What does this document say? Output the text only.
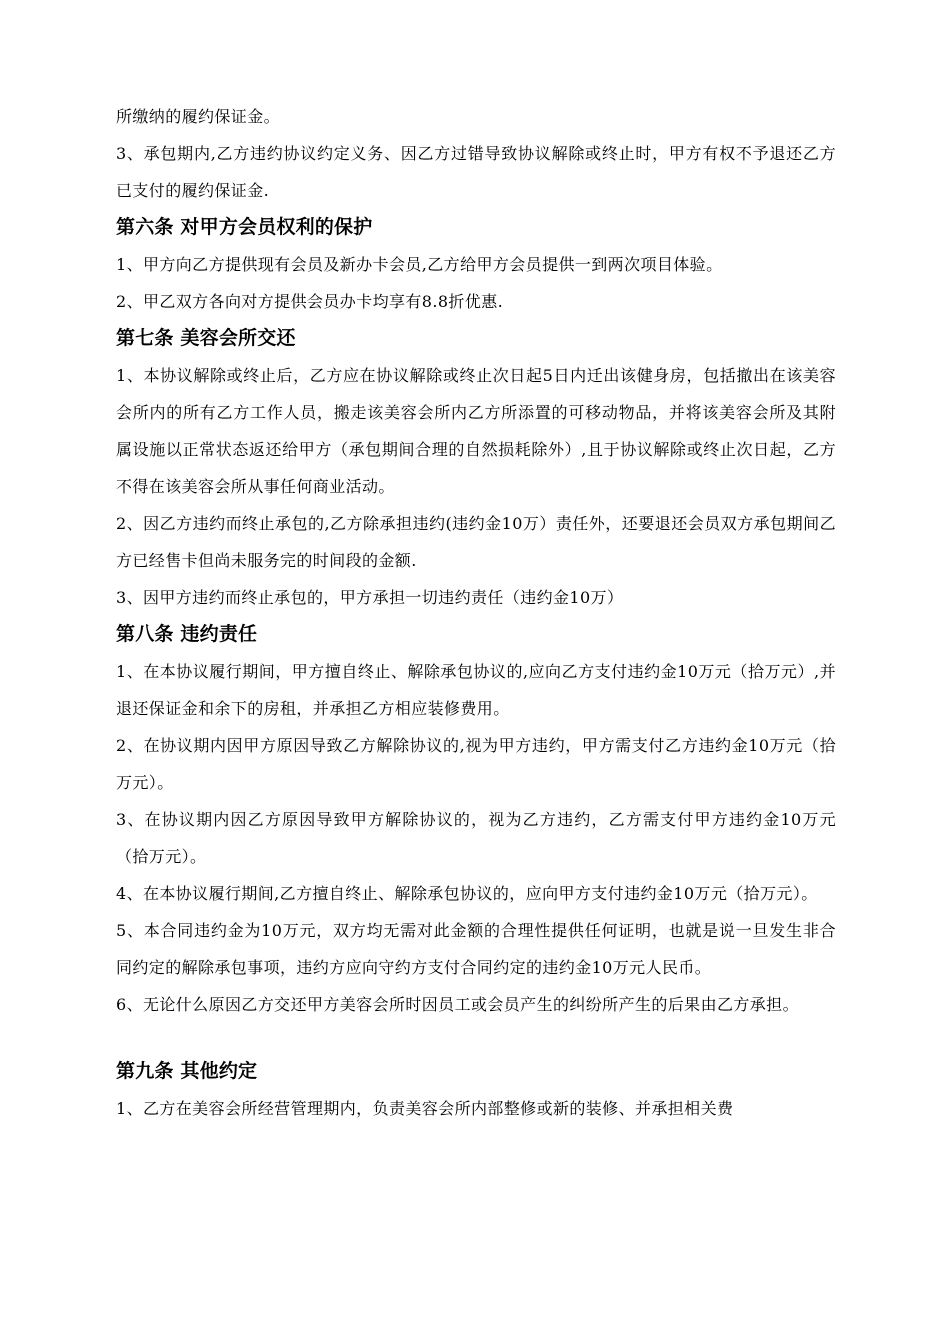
所缴纳的履约保证金。

3、承包期内,乙方违约协议约定义务、因乙方过错导致协议解除或终止时，甲方有权不予退还乙方已支付的履约保证金.

第六条 对甲方会员权利的保护

1、甲方向乙方提供现有会员及新办卡会员,乙方给甲方会员提供一到两次项目体验。

2、甲乙双方各向对方提供会员办卡均享有8.8折优惠.

第七条 美容会所交还

1、本协议解除或终止后，乙方应在协议解除或终止次日起5日内迁出该健身房，包括撤出在该美容会所内的所有乙方工作人员，搬走该美容会所内乙方所添置的可移动物品，并将该美容会所及其附属设施以正常状态返还给甲方（承包期间合理的自然损耗除外）,且于协议解除或终止次日起，乙方不得在该美容会所从事任何商业活动。

2、因乙方违约而终止承包的,乙方除承担违约(违约金10万）责任外，还要退还会员双方承包期间乙方已经售卡但尚未服务完的时间段的金额.

3、因甲方违约而终止承包的，甲方承担一切违约责任（违约金10万）

第八条 违约责任

1、在本协议履行期间，甲方擅自终止、解除承包协议的,应向乙方支付违约金10万元（拾万元）,并退还保证金和余下的房租，并承担乙方相应装修费用。

2、在协议期内因甲方原因导致乙方解除协议的,视为甲方违约，甲方需支付乙方违约金10万元（拾万元）。

3、在协议期内因乙方原因导致甲方解除协议的，视为乙方违约，乙方需支付甲方违约金10万元（拾万元）。

4、在本协议履行期间,乙方擅自终止、解除承包协议的，应向甲方支付违约金10万元（拾万元）。

5、本合同违约金为10万元，双方均无需对此金额的合理性提供任何证明，也就是说一旦发生非合同约定的解除承包事项，违约方应向守约方支付合同约定的违约金10万元人民币。

6、无论什么原因乙方交还甲方美容会所时因员工或会员产生的纠纷所产生的后果由乙方承担。

第九条 其他约定

1、乙方在美容会所经营管理期内，负责美容会所内部整修或新的装修、并承担相关费
